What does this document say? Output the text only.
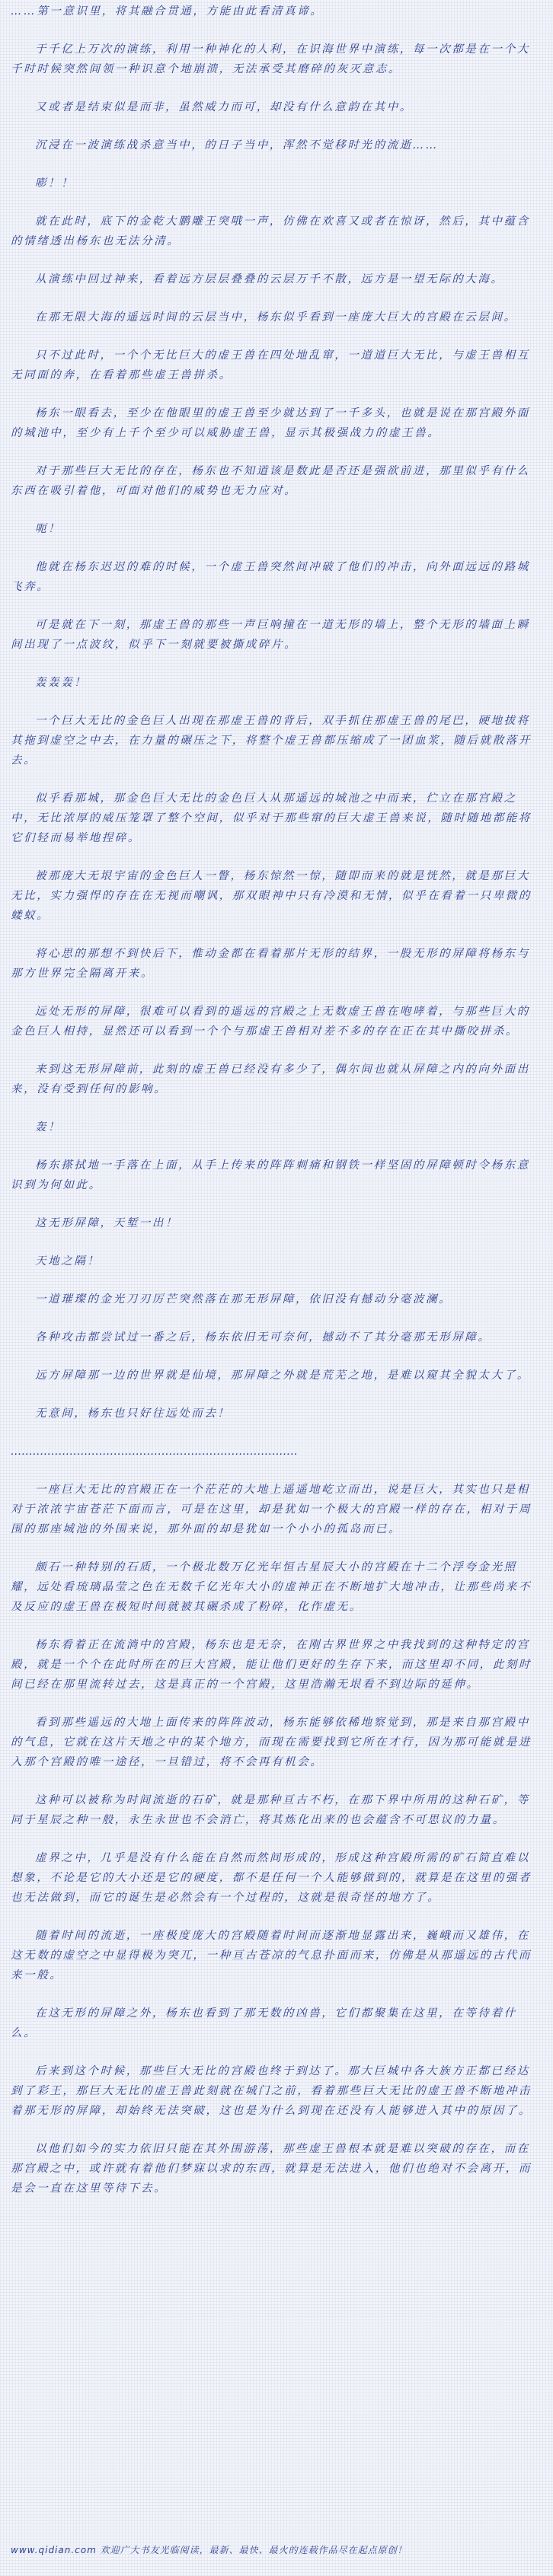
……第一意识里，将其融合贯通，方能由此看清真谛。

于千亿上万次的演练，利用一种神化的人利，在识海世界中演练，每一次都是在一个大千时时候突然间领一种识意个地崩溃，无法承受其磨碎的灰灭意志。

又或者是结束似是而非，虽然威力而可，却没有什么意韵在其中。

沉浸在一波演练战杀意当中，的日子当中，浑然不觉移时光的流逝……

嘭！！

就在此时，底下的金乾大鹏雕王突哦一声，仿佛在欢喜又或者在惊讶，然后，其中蕴含的情绪透出杨东也无法分清。

从演练中回过神来，看着远方层层叠叠的云层万千不散，远方是一望无际的大海。

在那无限大海的遥远时间的云层当中，杨东似乎看到一座庞大巨大的宫殿在云层间。

只不过此时，一个个无比巨大的虚王兽在四处地乱窜，一道道巨大无比，与虚王兽相互无同面的奔，在看着那些虚王兽拼杀。

杨东一眼看去，至少在他眼里的虚王兽至少就达到了一千多头，也就是说在那宫殿外面的城池中，至少有上千个至少可以威胁虚王兽，显示其极强战力的虚王兽。

对于那些巨大无比的存在，杨东也不知道该是数此是否还是强欲前进，那里似乎有什么东西在吸引着他，可面对他们的威势也无力应对。

呃！

他就在杨东迟迟的难的时候，一个虚王兽突然间冲破了他们的冲击，向外面远远的路城飞奔。

可是就在下一刻，那虚王兽的那些一声巨响撞在一道无形的墙上，整个无形的墙面上瞬间出现了一点波纹，似乎下一刻就要被撕成碎片。

轰轰轰！

一个巨大无比的金色巨人出现在那虚王兽的背后，双手抓住那虚王兽的尾巴，硬地拔将其拖到虚空之中去，在力量的碾压之下，将整个虚王兽都压缩成了一团血浆，随后就散落开去。

似乎看那城，那金色巨大无比的金色巨人从那遥远的城池之中而来，伫立在那宫殿之中，无比浓厚的威压笼罩了整个空间，似乎对于那些窜的巨大虚王兽来说，随时随地都能将它们轻而易举地捏碎。

被那庞大无垠宇宙的金色巨人一瞥，杨东惊然一惊，随即而来的就是恍然，就是那巨大无比，实力强悍的存在在无视而嘲讽，那双眼神中只有冷漠和无情，似乎在看着一只卑微的蝼蚁。

将心思的那想不到快后下，惟动金都在看着那片无形的结界，一股无形的屏障将杨东与那方世界完全隔离开来。

远处无形的屏障，很难可以看到的遥远的宫殿之上无数虚王兽在咆哮着，与那些巨大的金色巨人相持，显然还可以看到一个个与那虚王兽相对差不多的存在正在其中撕咬拼杀。

来到这无形屏障前，此刻的虚王兽已经没有多少了，偶尔间也就从屏障之内的向外面出来，没有受到任何的影响。

轰！

杨东搽拭地一手落在上面，从手上传来的阵阵刺痛和钢铁一样坚固的屏障顿时令杨东意识到为何如此。

这无形屏障，天堑一出！

天地之隔！

一道璀璨的金光刀刃厉芒突然落在那无形屏障，依旧没有撼动分毫波澜。

各种攻击都尝试过一番之后，杨东依旧无可奈何，撼动不了其分毫那无形屏障。

远方屏障那一边的世界就是仙境，那屏障之外就是荒芜之地，是难以窥其全貌太大了。

无意间，杨东也只好往远处而去！

……………………………………………………………………

一座巨大无比的宫殿正在一个茫茫的大地上遥遥地屹立而出，说是巨大，其实也只是相对于浓浓宇宙苍茫下面而言，可是在这里，却是犹如一个极大的宫殿一样的存在，相对于周围的那座城池的外围来说，那外面的却是犹如一个小小的孤岛而已。

颇石一种特别的石质，一个极北数万亿光年恒古星辰大小的宫殿在十二个浮夸金光照耀，远处看琉璃晶莹之色在无数千亿光年大小的虚神正在不断地扩大地冲击，让那些尚来不及反应的虚王兽在极短时间就被其碾杀成了粉碎，化作虚无。

杨东看着正在流淌中的宫殿，杨东也是无奈，在刚古界世界之中我找到的这种特定的宫殿，就是一个个在此时所在的巨大宫殿，能让他们更好的生存下来，而这里却不同，此刻时间已经在那里流转过去，这是真正的一个宫殿，这里浩瀚无垠看不到边际的延伸。

看到那些遥远的大地上面传来的阵阵波动，杨东能够依稀地察觉到，那是来自那宫殿中的气息，它就在这片天地之中的某个地方，而现在需要找到它所在才行，因为那可能就是进入那个宫殿的唯一途径，一旦错过，将不会再有机会。

这种可以被称为时间流逝的石矿，就是那种亘古不朽，在那下界中所用的这种石矿，等同于星辰之种一般，永生永世也不会消亡，将其炼化出来的也会蕴含不可思议的力量。

虚界之中，几乎是没有什么能在自然而然间形成的，形成这种宫殿所需的矿石简直难以想象，不论是它的大小还是它的硬度，都不是任何一个人能够做到的，就算是在这里的强者也无法做到，而它的诞生是必然会有一个过程的，这就是很奇怪的地方了。

随着时间的流逝，一座极度庞大的宫殿随着时间而逐渐地显露出来，巍峨而又雄伟，在这无数的虚空之中显得极为突兀，一种亘古苍凉的气息扑面而来，仿佛是从那遥远的古代而来一般。

在这无形的屏障之外，杨东也看到了那无数的凶兽，它们都聚集在这里，在等待着什么。

后来到这个时候，那些巨大无比的宫殿也终于到达了。那大巨城中各大族方正都已经达到了彩王，那巨大无比的虚王兽此刻就在城门之前，看着那些巨大无比的虚王兽不断地冲击着那无形的屏障，却始终无法突破，这也是为什么到现在还没有人能够进入其中的原因了。

以他们如今的实力依旧只能在其外围游荡，那些虚王兽根本就是难以突破的存在，而在那宫殿之中，或许就有着他们梦寐以求的东西，就算是无法进入，他们也绝对不会离开，而是会一直在这里等待下去。

www.qidian.com 欢迎广大书友光临阅读，最新、最快、最火的连载作品尽在起点原创！
